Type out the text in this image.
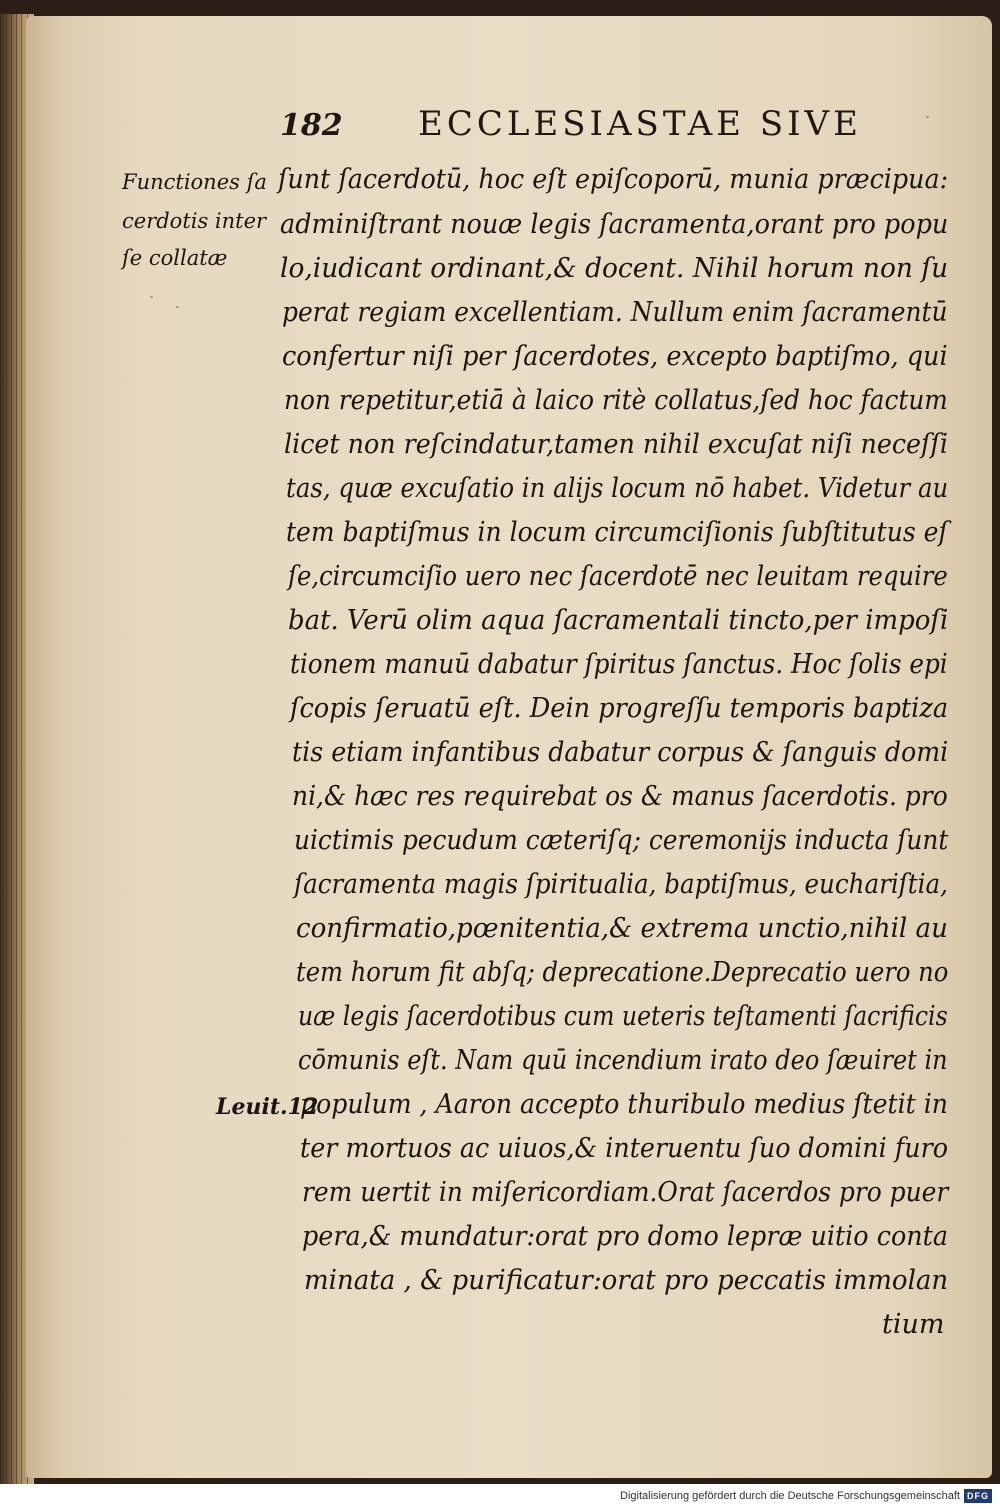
182 ECCLESIASTAE SIVE
Functiones ſa
cerdotis inter
ſe collatæ
Leuit.12
ſunt ſacerdotū, hoc eſt epiſcoporū, munia præcipua:
adminiſtrant nouæ legis ſacramenta,orant pro popu
lo,iudicant ordinant,& docent. Nihil horum non ſu
perat regiam excellentiam. Nullum enim ſacramentū
confertur niſi per ſacerdotes, excepto baptiſmo, qui
non repetitur,etiā à laico ritè collatus,ſed hoc factum
licet non reſcindatur,tamen nihil excuſat niſi neceſſi
tas, quæ excuſatio in alijs locum nō habet. Videtur au
tem baptiſmus in locum circumciſionis ſubſtitutus eſ
ſe,circumciſio uero nec ſacerdotē nec leuitam require
bat. Verū olim aqua ſacramentali tincto,per impoſi
tionem manuū dabatur ſpiritus ſanctus. Hoc ſolis epi
ſcopis ſeruatū eſt. Dein progreſſu temporis baptiza
tis etiam infantibus dabatur corpus & ſanguis domi
ni,& hæc res requirebat os & manus ſacerdotis. pro
uictimis pecudum cæteriſq; ceremonijs inducta ſunt
ſacramenta magis ſpiritualia, baptiſmus, euchariſtia,
confirmatio,pœnitentia,& extrema unctio,nihil au
tem horum fit abſq; deprecatione.Deprecatio uero no
uæ legis ſacerdotibus cum ueteris teſtamenti ſacrificis
cōmunis eſt. Nam quū incendium irato deo ſæuiret in
populum , Aaron accepto thuribulo medius ſtetit in
ter mortuos ac uiuos,& interuentu ſuo domini furo
rem uertit in miſericordiam.Orat ſacerdos pro puer
pera,& mundatur:orat pro domo lepræ uitio conta
minata , & purificatur:orat pro peccatis immolan
tium
Digitalisierung gefördert durch die Deutsche Forschungsgemeinschaft DFG
